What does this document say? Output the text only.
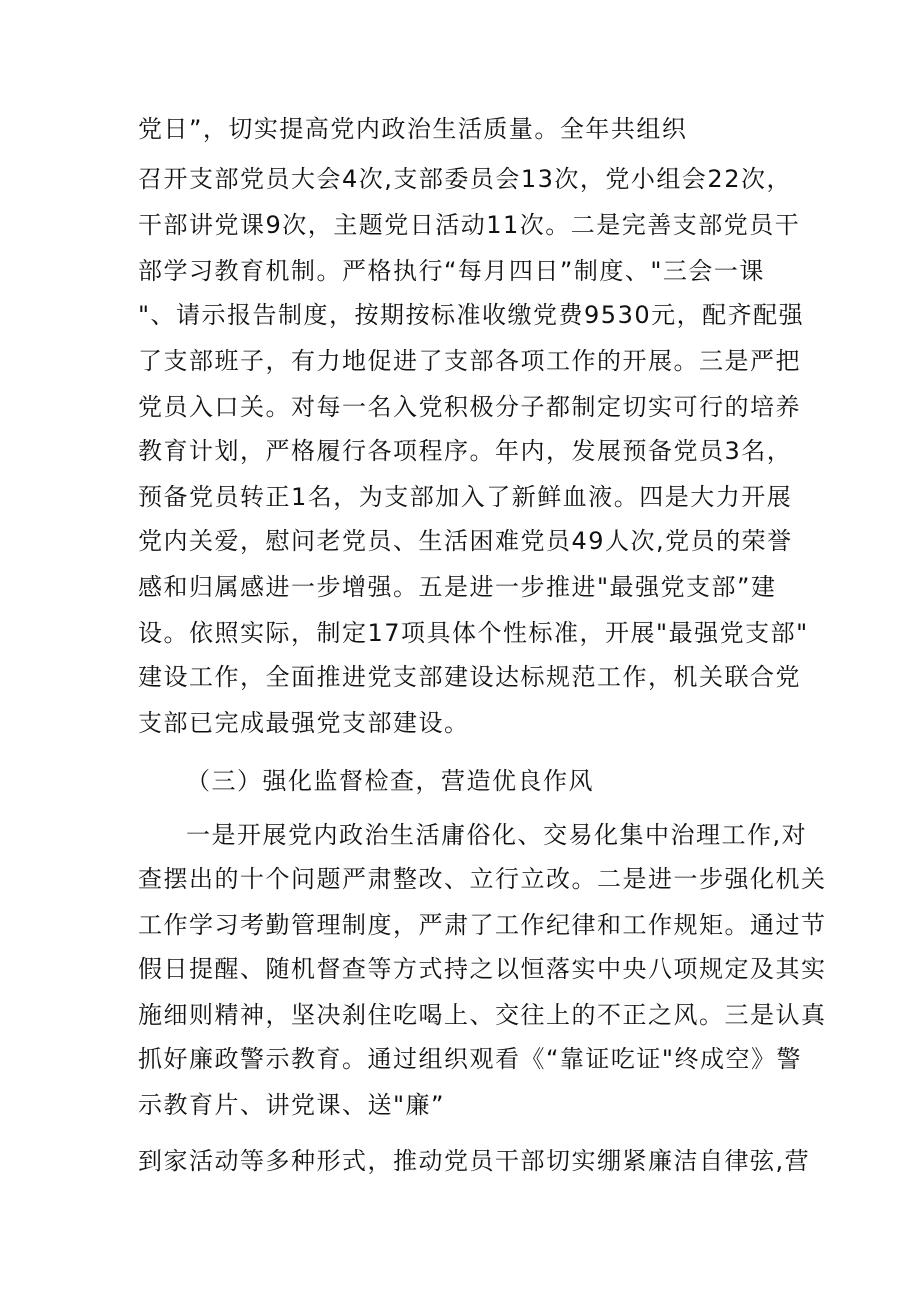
党日”，切实提高党内政治生活质量。全年共组织
召开支部党员大会4次,支部委员会13次，党小组会22次，
干部讲党课9次，主题党日活动11次。二是完善支部党员干
部学习教育机制。严格执行“每月四日”制度、"三会一课
"、请示报告制度，按期按标准收缴党费9530元，配齐配强
了支部班子，有力地促进了支部各项工作的开展。三是严把
党员入口关。对每一名入党积极分子都制定切实可行的培养
教育计划，严格履行各项程序。年内，发展预备党员3名，
预备党员转正1名，为支部加入了新鲜血液。四是大力开展
党内关爱，慰问老党员、生活困难党员49人次,党员的荣誉
感和归属感进一步增强。五是进一步推进"最强党支部”建
设。依照实际，制定17项具体个性标准，开展"最强党支部"
建设工作，全面推进党支部建设达标规范工作，机关联合党
支部已完成最强党支部建设。
（三）强化监督检查，营造优良作风
一是开展党内政治生活庸俗化、交易化集中治理工作,对
查摆出的十个问题严肃整改、立行立改。二是进一步强化机关
工作学习考勤管理制度，严肃了工作纪律和工作规矩。通过节
假日提醒、随机督查等方式持之以恒落实中央八项规定及其实
施细则精神，坚决刹住吃喝上、交往上的不正之风。三是认真
抓好廉政警示教育。通过组织观看《“靠证吃证"终成空》警
示教育片、讲党课、送"廉”
到家活动等多种形式，推动党员干部切实绷紧廉洁自律弦,营
